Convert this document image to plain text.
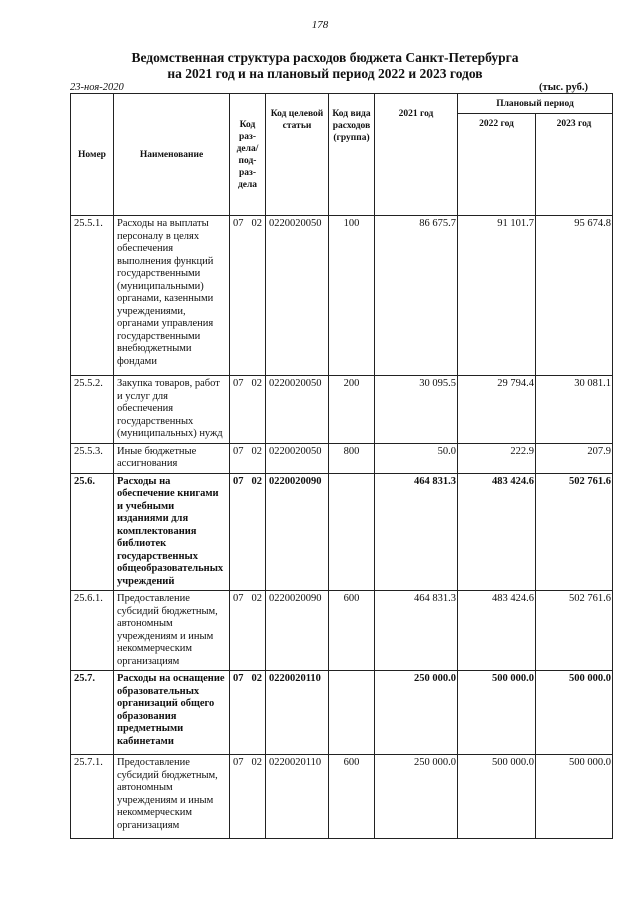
178
Ведомственная структура расходов бюджета Санкт-Петербурга
на 2021 год и на плановый период 2022 и 2023 годов
23-ноя-2020	(тыс. руб.)
Номер	Наименование	Код раз-дела/ под-раз-дела	Код целевой статьи	Код вида расходов (группа)	2021 год	Плановый период	
						2022 год	2023 год
25.5.1.	Расходы на выплаты персоналу в целях обеспечения выполнения функций государственными (муниципальными) органами, казенными учреждениями, органами управления государственными внебюджетными фондами	07 02	0220020050	100	86 675.7	91 101.7	95 674.8
25.5.2.	Закупка товаров, работ и услуг для обеспечения государственных (муниципальных) нужд	07 02	0220020050	200	30 095.5	29 794.4	30 081.1
25.5.3.	Иные бюджетные ассигнования	07 02	0220020050	800	50.0	222.9	207.9
25.6.	Расходы на обеспечение книгами и учебными изданиями для комплектования библиотек государственных общеобразовательных учреждений	07 02	0220020090		464 831.3	483 424.6	502 761.6
25.6.1.	Предоставление субсидий бюджетным, автономным учреждениям и иным некоммерческим организациям	07 02	0220020090	600	464 831.3	483 424.6	502 761.6
25.7.	Расходы на оснащение образовательных организаций общего образования предметными кабинетами	07 02	0220020110		250 000.0	500 000.0	500 000.0
25.7.1.	Предоставление субсидий бюджетным, автономным учреждениям и иным некоммерческим организациям	07 02	0220020110	600	250 000.0	500 000.0	500 000.0
